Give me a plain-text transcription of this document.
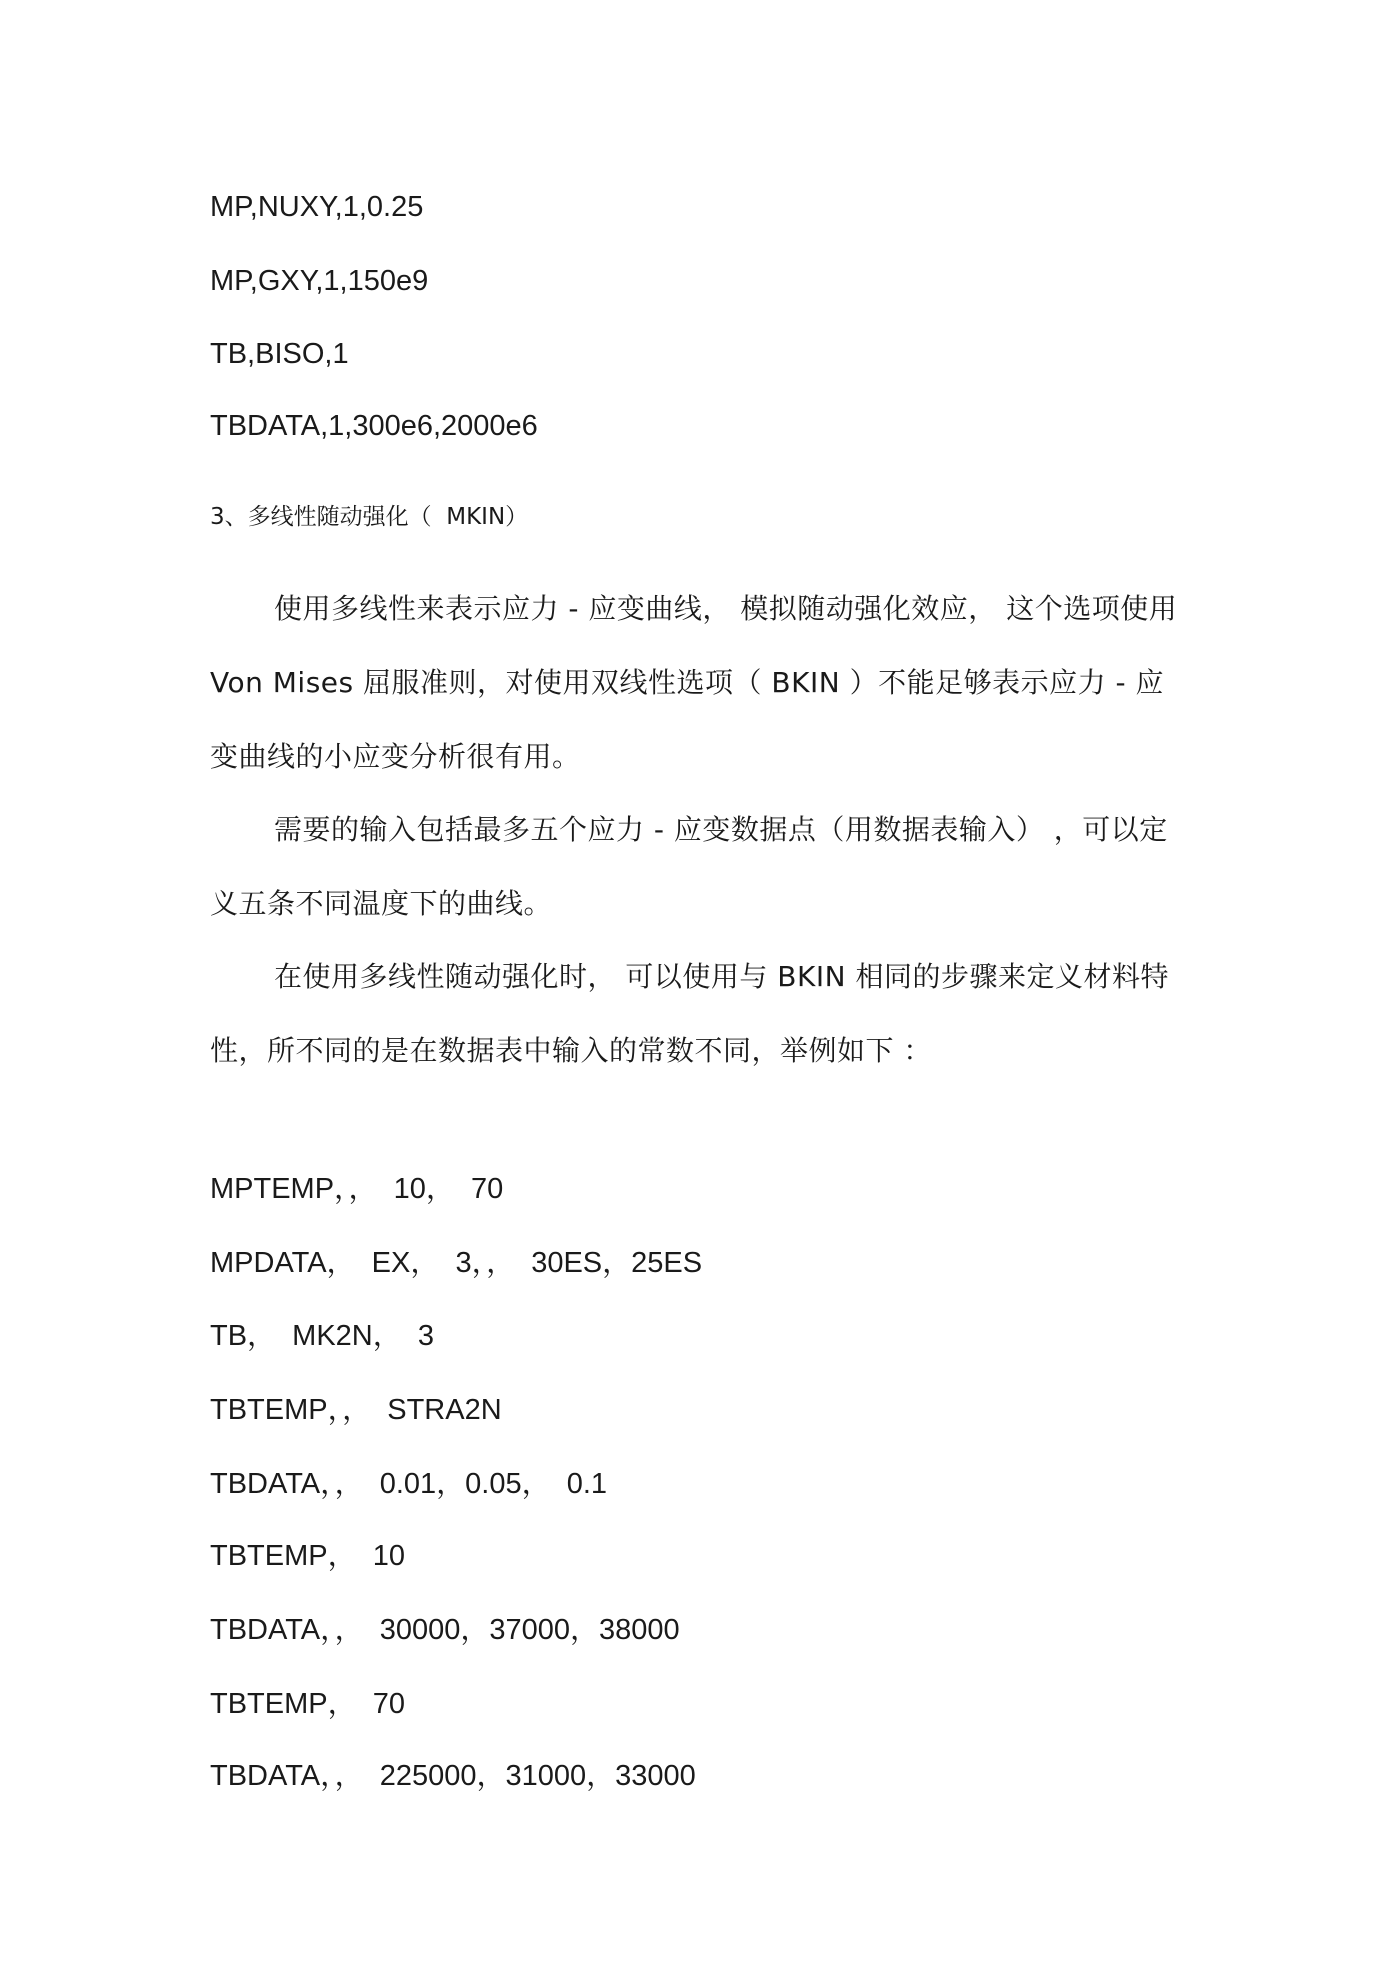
MP,NUXY,1,0.25
MP,GXY,1,150e9
TB,BISO,1
TBDATA,1,300e6,2000e6
3、多线性随动强化（  MKIN）

使用多线性来表示应力 - 应变曲线， 模拟随动强化效应， 这个选项使用 Von Mises 屈服准则，对使用双线性选项（ BKIN ）不能足够表示应力 - 应变曲线的小应变分析很有用。

需要的输入包括最多五个应力 - 应变数据点（用数据表输入） ，可以定义五条不同温度下的曲线。

在使用多线性随动强化时， 可以使用与 BKIN 相同的步骤来定义材料特性，所不同的是在数据表中输入的常数不同，举例如下 ：

MPTEMP，，  10，  70
MPDATA，  EX，  3，，  30ES，25ES
TB，  MK2N，  3
TBTEMP，，  STRA2N
TBDATA，，  0.01，0.05，  0.1
TBTEMP，  10
TBDATA，，  30000，37000，38000
TBTEMP，  70
TBDATA，，  225000，31000，33000
